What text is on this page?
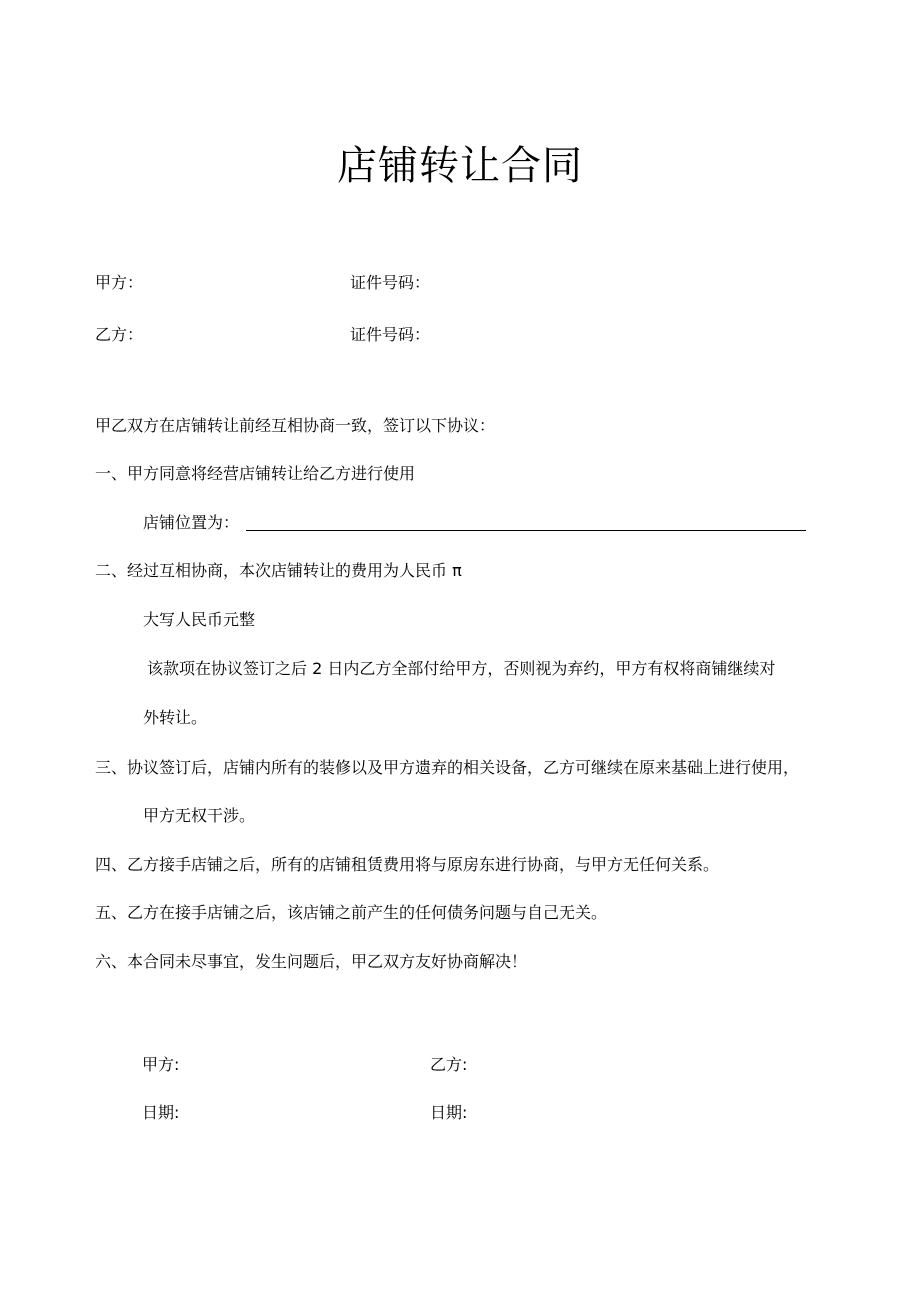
店铺转让合同
甲方：	证件号码：
乙方：	证件号码：
甲乙双方在店铺转让前经互相协商一致，签订以下协议：
一、甲方同意将经营店铺转让给乙方进行使用
店铺位置为：
二、经过互相协商，本次店铺转让的费用为人民币 π
大写人民币元整
该款项在协议签订之后 2 日内乙方全部付给甲方，否则视为弃约，甲方有权将商铺继续对
外转让。
三、协议签订后，店铺内所有的装修以及甲方遗弃的相关设备，乙方可继续在原来基础上进行使用，
甲方无权干涉。
四、乙方接手店铺之后，所有的店铺租赁费用将与原房东进行协商，与甲方无任何关系。
五、乙方在接手店铺之后，该店铺之前产生的任何债务问题与自己无关。
六、本合同未尽事宜，发生问题后，甲乙双方友好协商解决！
甲方:	乙方:
日期:	日期:
